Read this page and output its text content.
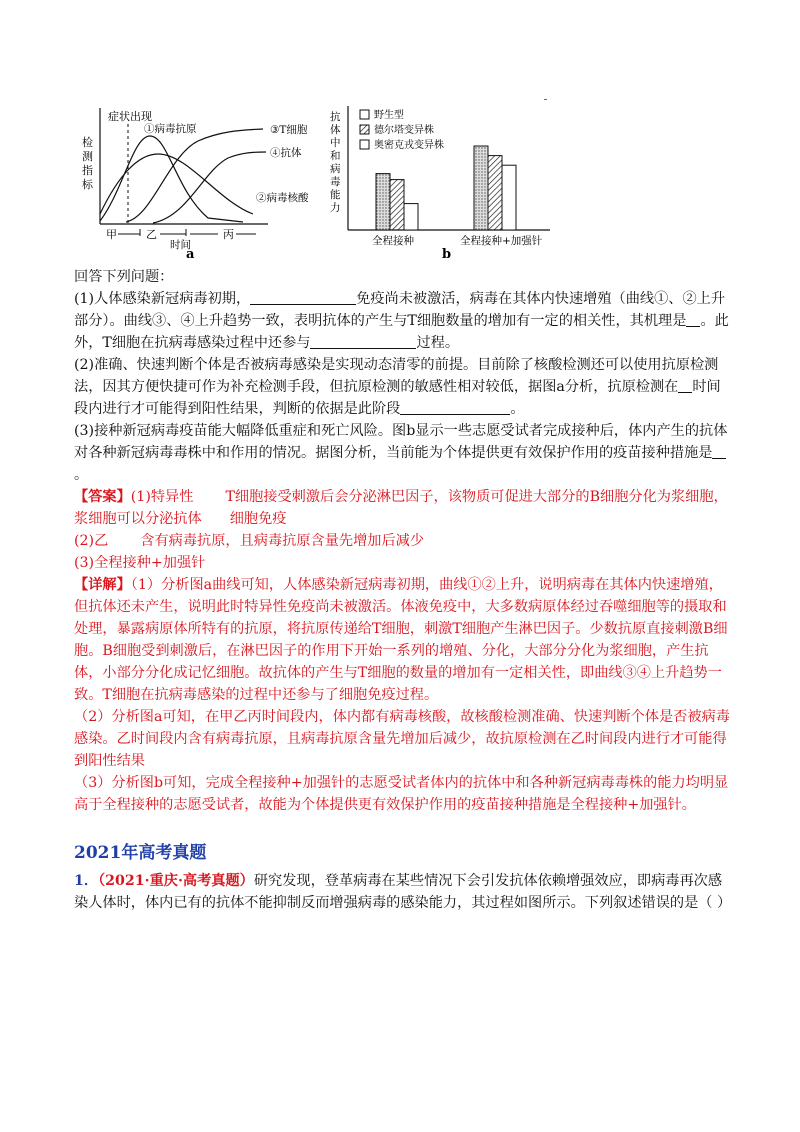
症状出现
①病毒抗原	③T细胞
④抗体
②病毒核酸
检测指标
甲	乙	丙
时间
a
抗体中和病毒能力
野生型
德尔塔变异株
奥密克戎变异株
全程接种	全程接种+加强针
b
回答下列问题：
(1)人体感染新冠病毒初期，	免疫尚未被激活，病毒在其体内快速增殖（曲线①、②上升部分）。曲线③、④上升趋势一致，表明抗体的产生与T细胞数量的增加有一定的相关性，其机理是 。此外，T细胞在抗病毒感染过程中还参与	过程。
(2)准确、快速判断个体是否被病毒感染是实现动态清零的前提。目前除了核酸检测还可以使用抗原检测法，因其方便快捷可作为补充检测手段，但抗原检测的敏感性相对较低，据图a分析，抗原检测在 时间段内进行才可能得到阳性结果，判断的依据是此阶段	。
(3)接种新冠病毒疫苗能大幅降低重症和死亡风险。图b显示一些志愿受试者完成接种后，体内产生的抗体对各种新冠病毒毒株中和作用的情况。据图分析，当前能为个体提供更有效保护作用的疫苗接种措施是。
【答案】(1)特异性 T细胞接受刺激后会分泌淋巴因子，该物质可促进大部分的B细胞分化为浆细胞，浆细胞可以分泌抗体 细胞免疫
(2)乙 含有病毒抗原，且病毒抗原含量先增加后减少
(3)全程接种+加强针
【详解】（1）分析图a曲线可知，人体感染新冠病毒初期，曲线①②上升，说明病毒在其体内快速增殖，但抗体还未产生，说明此时特异性免疫尚未被激活。体液免疫中，大多数病原体经过吞噬细胞等的摄取和处理，暴露病原体所特有的抗原，将抗原传递给T细胞，刺激T细胞产生淋巴因子。少数抗原直接刺激B细胞。B细胞受到刺激后，在淋巴因子的作用下开始一系列的增殖、分化，大部分分化为浆细胞，产生抗体，小部分分化成记忆细胞。故抗体的产生与T细胞的数量的增加有一定相关性，即曲线③④上升趋势一致。T细胞在抗病毒感染的过程中还参与了细胞免疫过程。
（2）分析图a可知，在甲乙丙时间段内，体内都有病毒核酸，故核酸检测准确、快速判断个体是否被病毒感染。乙时间段内含有病毒抗原，且病毒抗原含量先增加后减少，故抗原检测在乙时间段内进行才可能得到阳性结果
（3）分析图b可知，完成全程接种+加强针的志愿受试者体内的抗体中和各种新冠病毒毒株的能力均明显高于全程接种的志愿受试者，故能为个体提供更有效保护作用的疫苗接种措施是全程接种+加强针。
2021年高考真题
1．（2021·重庆·高考真题）研究发现，登革病毒在某些情况下会引发抗体依赖增强效应，即病毒再次感染人体时，体内已有的抗体不能抑制反而增强病毒的感染能力，其过程如图所示。下列叙述错误的是（ ）
